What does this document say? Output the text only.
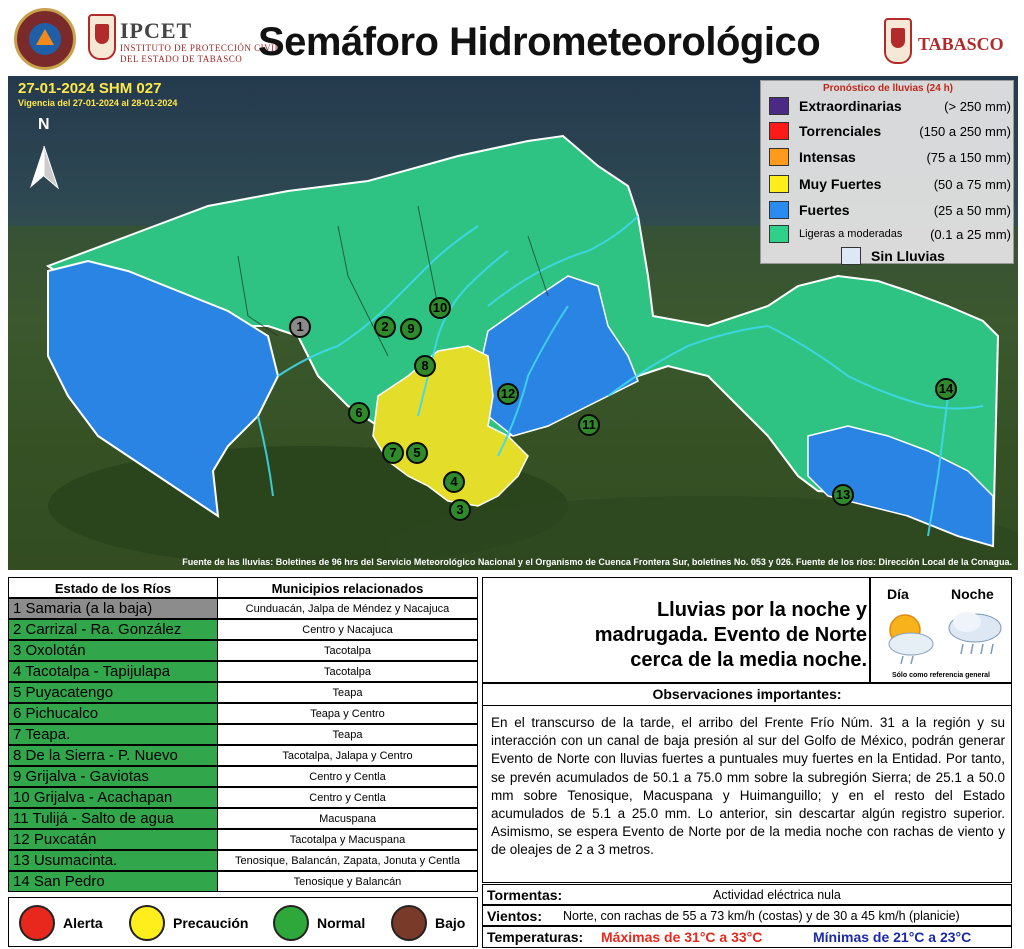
IPCET
INSTITUTO DE PROTECCIÓN CIVIL
DEL ESTADO DE TABASCO Semáforo Hidrometeorológico	TABASCO
27-01-2024 SHM 027
Vigencia del 27-01-2024 al 28-01-2024
N
1	2
3
4
5
6
7
8
9
10
11
12
13
14
Pronóstico de lluvias (24 h)
Extraordinarias	(> 250 mm)
Torrenciales	(150 a 250 mm)
Intensas	(75 a 150 mm)
Muy Fuertes	(50 a 75 mm)
Fuertes	(25 a 50 mm)
Ligeras a moderadas (0.1 a 25 mm)
Sin Lluvias
Fuente de las lluvias: Boletines de 96 hrs del Servicio Meteorológico Nacional y el Organismo de Cuenca Frontera Sur, boletines No. 053 y 026. Fuente de los ríos: Dirección Local de la Conagua.
Estado de los Ríos	Municipios relacionados
1 Samaria (a la baja)	Cunduacán, Jalpa de Méndez y Nacajuca
2 Carrizal - Ra. González	Centro y Nacajuca
3 Oxolotán	Tacotalpa
4 Tacotalpa - Tapijulapa	Tacotalpa
5 Puyacatengo	Teapa
6 Pichucalco	Teapa y Centro
7 Teapa.	Teapa
8 De la Sierra - P. Nuevo	Tacotalpa, Jalapa y Centro
9 Grijalva - Gaviotas	Centro y Centla
10 Grijalva - Acachapan	Centro y Centla
11 Tulijá - Salto de agua	Macuspana
12 Puxcatán	Tacotalpa y Macuspana
13 Usumacinta.	Tenosique, Balancán, Zapata, Jonuta y Centla
14 San Pedro	Tenosique y Balancán
Alerta	Precaución	Normal	Bajo
Lluvias por la noche y
madrugada. Evento de Norte
cerca de la media noche.
Día	Noche
Sólo como referencia general
Observaciones importantes:
En el transcurso de la tarde, el arribo del Frente Frío Núm. 31 a la región y su interacción con un canal de baja presión al sur del Golfo de México, podrán generar Evento de Norte con lluvias fuertes a puntuales muy fuertes en la Entidad. Por tanto, se prevén acumulados de 50.1 a 75.0 mm sobre la subregión Sierra; de 25.1 a 50.0 mm sobre Tenosique, Macuspana y Huimanguillo; y en el resto del Estado acumulados de 5.1 a 25.0 mm. Lo anterior, sin descartar algún registro superior. Asimismo, se espera Evento de Norte por de la media noche con rachas de viento y de oleajes de 2 a 3 metros.
Tormentas:	Actividad eléctrica nula
Vientos: Norte, con rachas de 55 a 73 km/h (costas) y de 30 a 45 km/h (planicie)
Temperaturas: Máximas de 31°C a 33°C	Mínimas de 21°C a 23°C
